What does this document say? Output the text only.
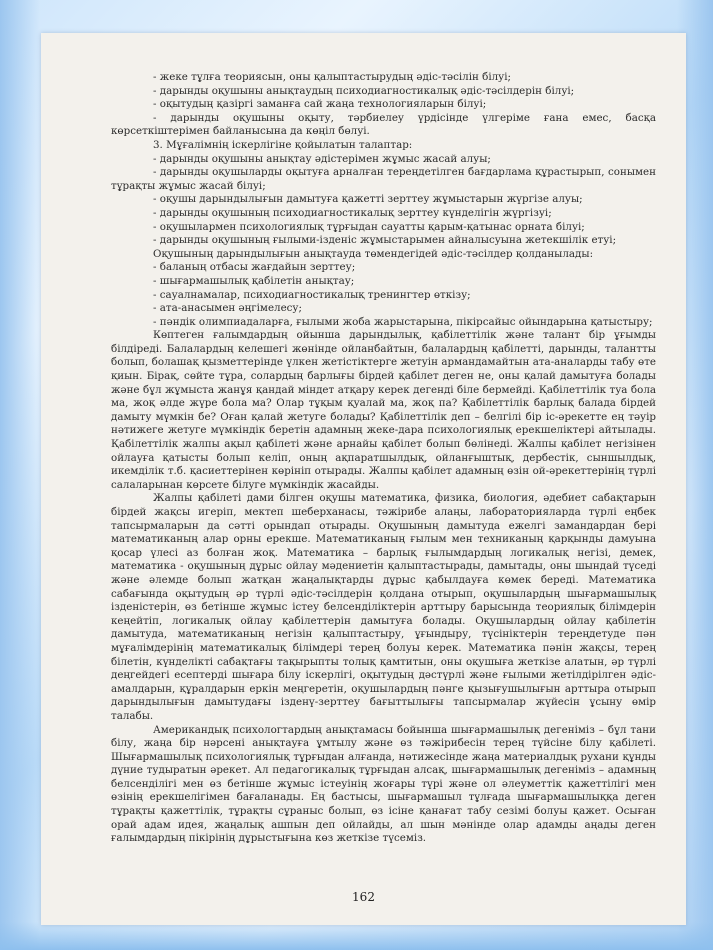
- жеке тұлға теориясын, оны қалыптастырудың әдіс-тәсілін білуі;

- дарынды оқушыны анықтаудың психодиагностикалық әдіс-тәсілдерін білуі;

- оқытудың қазіргі заманға сай жаңа технологияларын білуі;

- дарынды оқушыны оқыту, тәрбиелеу үрдісінде үлгеріме ғана емес, басқа көрсеткіштерімен байланысына да көңіл бөлуі.

3. Мұғалімнің іскерлігіне қойылатын талаптар:

- дарынды оқушыны анықтау әдістерімен жұмыс жасай алуы;

- дарынды оқушыларды оқытуға арналған тереңдетілген бағдарлама құрастырып, сонымен тұрақты жұмыс жасай білуі;

- оқушы дарындылығын дамытуға қажетті зерттеу жұмыстарын жүргізе алуы;

- дарынды оқушының психодиагностикалық зерттеу күнделігін жүргізуі;

- оқушылармен психологиялық тұрғыдан сауатты қарым-қатынас орната білуі;

- дарынды оқушының ғылыми-ізденіс жұмыстарымен айналысуына жетекшілік етуі;

Оқушының дарындылығын анықтауда төмендегідей әдіс-тәсілдер қолданылады:

- баланың отбасы жағдайын зерттеу;

- шығармашылық қабілетін анықтау;

- сауалнамалар, психодиагностикалық тренингтер өткізу;

- ата-анасымен әңгімелесу;

- пәндік олимпиадаларға, ғылыми жоба жарыстарына, пікірсайыс ойындарына қатыстыру;

Көптеген ғалымдардың ойынша дарындылық, қабілеттілік және талант бір ұғымды білдіреді. Балалардың келешегі жөнінде ойланбайтын, балалардың қабілетті, дарынды, талантты болып, болашақ қызметтерінде үлкен жетістіктерге жетуін армандамайтын ата-аналарды табу өте қиын. Бірақ, сөйте тұра, солардың барлығы бірдей қабілет деген не, оны қалай дамытуға болады және бұл жұмыста жанұя қандай міндет атқару керек дегенді біле бермейді. Қабілеттілік туа бола ма, жоқ әлде жүре бола ма? Олар тұқым қуалай ма, жоқ па? Қабілеттілік барлық балада бірдей дамыту мүмкін бе? Оған қалай жетуге болады? Қабілеттілік деп – белгілі бір іс-әрекетте ең тәуір нәтижеге жетуге мүмкіндік беретін адамның жеке-дара психологиялық ерекшеліктері айтылады. Қабілеттілік жалпы ақыл қабілеті және арнайы қабілет болып бөлінеді. Жалпы қабілет негізінен ойлауға қатысты болып келіп, оның ақпаратшылдық, ойланғыштық, дербестік, сыншылдық, икемділік т.б. қасиеттерінен көрініп отырады. Жалпы қабілет адамның өзін ой-әрекеттерінің түрлі салаларынан көрсете білуге мүмкіндік жасайды.

Жалпы қабілеті дами білген оқушы математика, физика, биология, әдебиет сабақтарын бірдей жақсы игеріп, мектеп шеберханасы, тәжірибе алаңы, лабораторияларда түрлі еңбек тапсырмаларын да сәтті орындап отырады. Оқушының дамытуда ежелгі замандардан бері математиканың алар орны ерекше. Математиканың ғылым мен техниканың қарқынды дамуына қосар үлесі аз болған жоқ. Математика – барлық ғылымдардың логикалық негізі, демек, математика - оқушының дұрыс ойлау мәдениетін қалыптастырады, дамытады, оны шындай түседі және әлемде болып жатқан жаңалықтарды дұрыс қабылдауға көмек береді. Математика сабағында оқытудың әр түрлі әдіс-тәсілдерін қолдана отырып, оқушылардың шығармашылық ізденістерін, өз бетінше жұмыс істеу белсенділіктерін арттыру барысында теориялық білімдерін кеңейтіп, логикалық ойлау қабілеттерін дамытуға болады. Оқушылардың ойлау қабілетін дамытуда, математиканың негізін қалыптастыру, ұғындыру, түсініктерін тереңдетуде пән мұғалімдерінің математикалық білімдері терең болуы керек. Математика пәнін жақсы, терең білетін, күнделікті сабақтағы тақырыпты толық қамтитын, оны оқушыға жеткізе алатын, әр түрлі деңгейдегі есептерді шығара білу іскерлігі, оқытудың дәстүрлі және ғылыми жетілдірілген әдіс-амалдарын, құралдарын еркін меңгеретін, оқушылардың пәнге қызығушылығын арттыра отырып дарындылығын дамытудағы ізденү-зерттеу бағыттылығы тапсырмалар жүйесін ұсыну өмір талабы.

Американдық психологтардың анықтамасы бойынша шығармашылық дегеніміз – бұл тани білу, жаңа бір нәрсені анықтауға ұмтылу және өз тәжірибесін терең түйсіне білу қабілеті. Шығармашылық психологиялық тұрғыдан алғанда, нәтижесінде жаңа материалдық рухани құнды дүние тудыратын әрекет. Ал педагогикалық тұрғыдан алсақ, шығармашылық дегеніміз – адамның белсенділігі мен өз бетінше жұмыс істеуінің жоғары түрі және ол әлеуметтік қажеттілігі мен өзінің ерекшелігімен бағаланады. Ең бастысы, шығармашыл тұлғада шығармашылыққа деген тұрақты қажеттілік, тұрақты сұраныс болып, өз ісіне қанағат табу сезімі болуы қажет. Осыған орай адам идея, жаңалық ашпын деп ойлайды, ал шын мәнінде олар адамды аңады деген ғалымдардың пікірінің дұрыстығына көз жеткізе түсеміз.

162
